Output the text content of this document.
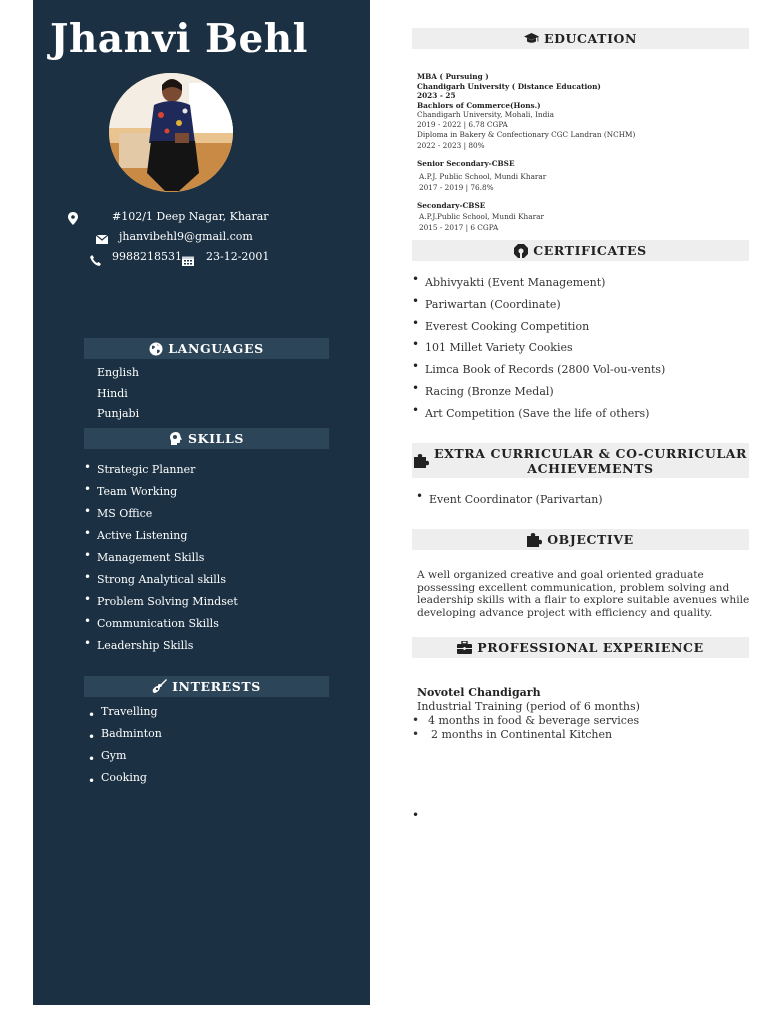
Jhanvi Behl
#102/1 Deep Nagar, Kharar
jhanvibehl9@gmail.com
9988218531 23-12-2001
LANGUAGES
English
Hindi
Punjabi
SKILLS
• Strategic Planner
• Team Working
• MS Office
• Active Listening
• Management Skills
• Strong Analytical skills
• Problem Solving Mindset
• Communication Skills
• Leadership Skills
INTERESTS
• Travelling
• Badminton
• Gym
• Cooking
EDUCATION
MBA ( Pursuing )
Chandigarh University ( Distance Education)
2023 - 25
Bachlors of Commerce(Hons.)
Chandigarh University, Mohali, India
2019 - 2022 | 6.78 CGPA
Diploma in Bakery & Confectionary CGC Landran (NCHM)
2022 - 2023 | 80%
Senior Secondary-CBSE
A.P.J. Public School, Mundi Kharar
2017 - 2019 | 76.8%
Secondary-CBSE
A.P.J.Public School, Mundi Kharar
2015 - 2017 | 6 CGPA
CERTIFICATES
• Abhivyakti (Event Management)
• Pariwartan (Coordinate)
• Everest Cooking Competition
• 101 Millet Variety Cookies
• Limca Book of Records (2800 Vol-ou-vents)
• Racing (Bronze Medal)
• Art Competition (Save the life of others)
EXTRA CURRICULAR & CO-CURRICULAR
ACHIEVEMENTS
• Event Coordinator (Parivartan)
OBJECTIVE

A well organized creative and goal oriented graduate possessing excellent communication, problem solving and leadership skills with a flair to explore suitable avenues while developing advance project with efficiency and quality.

PROFESSIONAL EXPERIENCE
Novotel Chandigarh
Industrial Training (period of 6 months)
• 4 months in food & beverage services
• 2 months in Continental Kitchen
•
